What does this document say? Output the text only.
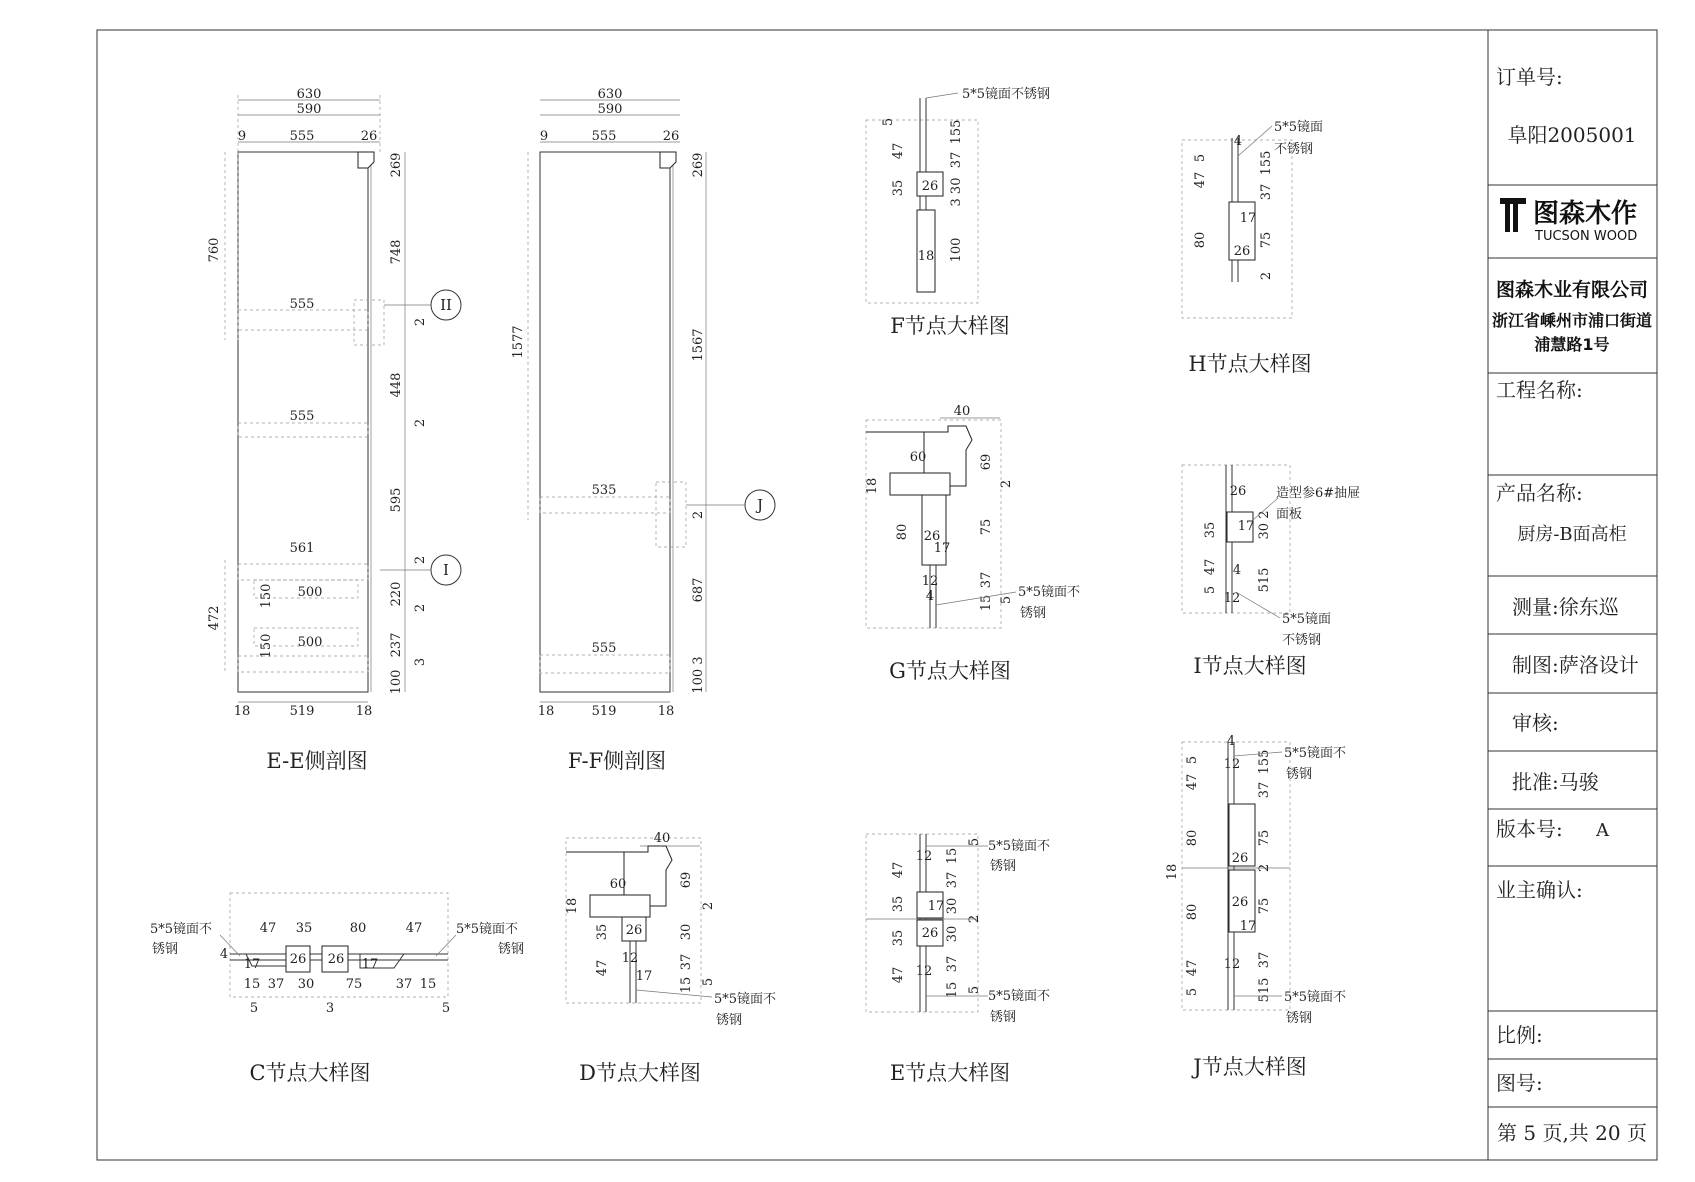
订单号:
阜阳2005001
图森木作
TUCSON WOOD
图森木业有限公司
浙江省嵊州市浦口街道
浦慧路1号
工程名称:
产品名称:
厨房-B面高柜
测量:徐东巡
制图:萨洛设计
审核:
批准:马骏
版本号: A
业主确认:
比例:
图号:
第 5 页,共 20 页
630
590
9	555	26
555
555
561
150 500
150 500
760
472
269
748
2
448
2
595
2
220
2
237
3
100
II
I
18	519	18
E-E侧剖图
630
590
9	555	26
535
555
1577
269
1567
2
687
100 3
J
18	519	18
F-F侧剖图
5*5镜面不锈钢
26
18
5
47
35
155
37
3 30
100
F节点大样图
5*5镜面
不锈钢
4
17
26
5
47
80
155
37
75
2
H节点大样图
40
60
18
80 26
17
12
4
69
2
75
37
15 5 5*5镜面不
锈钢
G节点大样图
26
17
35
47
5
4
12
30 2
515
造型参6#抽屉
面板
5*5镜面
不锈钢
I节点大样图
47 35	80	47
4
17 26 26 17
15 37 30 75	37 15
5	3	5
5*5镜面不
锈钢
5*5镜面不
锈钢
C节点大样图
40
60
18
35
47
26
12
17
69
2
30
37
15 5
5*5镜面不
锈钢
D节点大样图
47
35
35
47
12
17
26
12
5
15
37
30
2
30
37
15 5
5*5镜面不
锈钢
5*5镜面不
锈钢
E节点大样图
4
5
47
80
18
80
47
5
12
26
26
17
12
155
37
75
2
75
37
515
5*5镜面不
锈钢
5*5镜面不
锈钢
J节点大样图
